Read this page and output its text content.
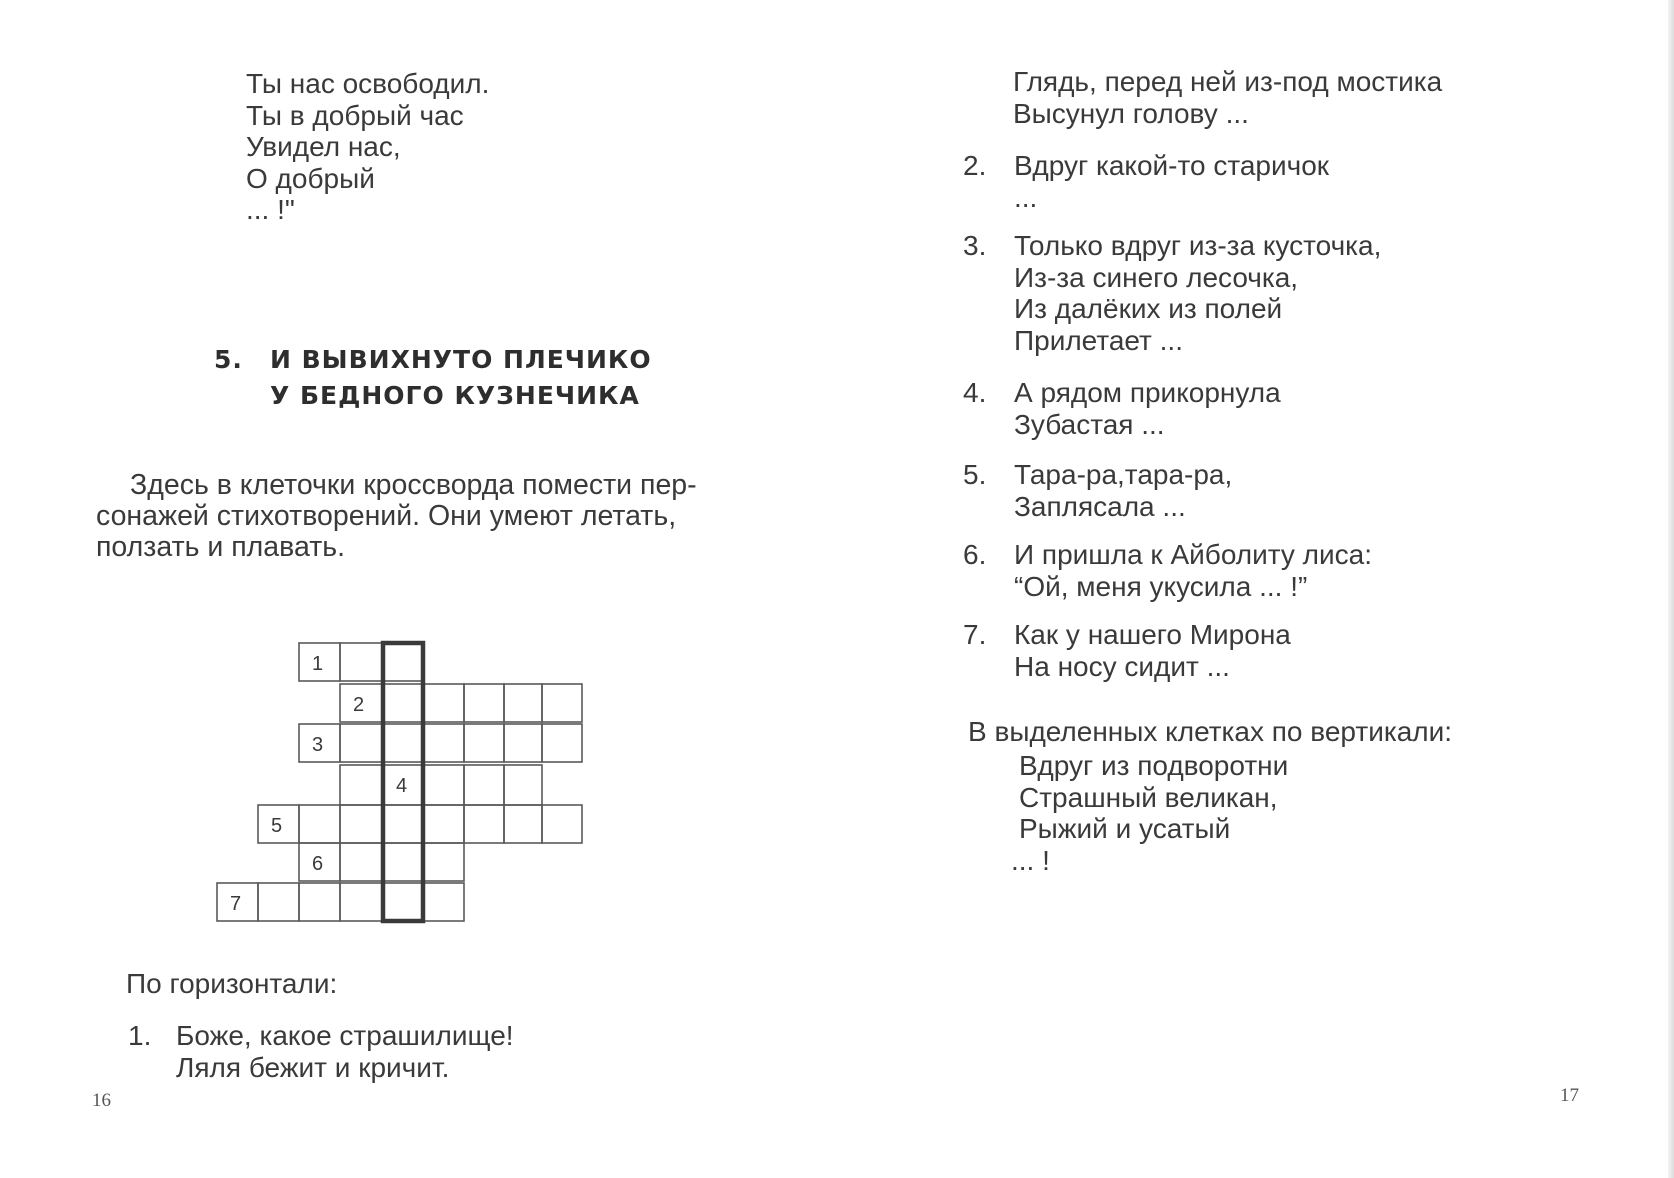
Ты нас освободил.
Ты в добрый час
Увидел нас,
О добрый
... !"
5. И ВЫВИХНУТО ПЛЕЧИКО
У БЕДНОГО КУЗНЕЧИКА
Здесь в клеточки кроссворда помести пер-
сонажей стихотворений. Они умеют летать,
ползать и плавать.
1
2
3
4
5
6
7
По горизонтали:
1. Боже, какое страшилище!
Ляля бежит и кричит.
16
Глядь, перед ней из-под мостика
Высунул голову ...
2. Вдруг какой-то старичок
...
3. Только вдруг из-за кусточка,
Из-за синего лесочка,
Из далёких из полей
Прилетает ...
4. А рядом прикорнула
Зубастая ...
5. Тара-ра,тара-ра,
Заплясала ...
6. И пришла к Айболиту лиса:
“Ой, меня укусила ... !”
7. Как у нашего Мирона
На носу сидит ...
В выделенных клетках по вертикали:
Вдруг из подворотни
Страшный великан,
Рыжий и усатый
... !
17
